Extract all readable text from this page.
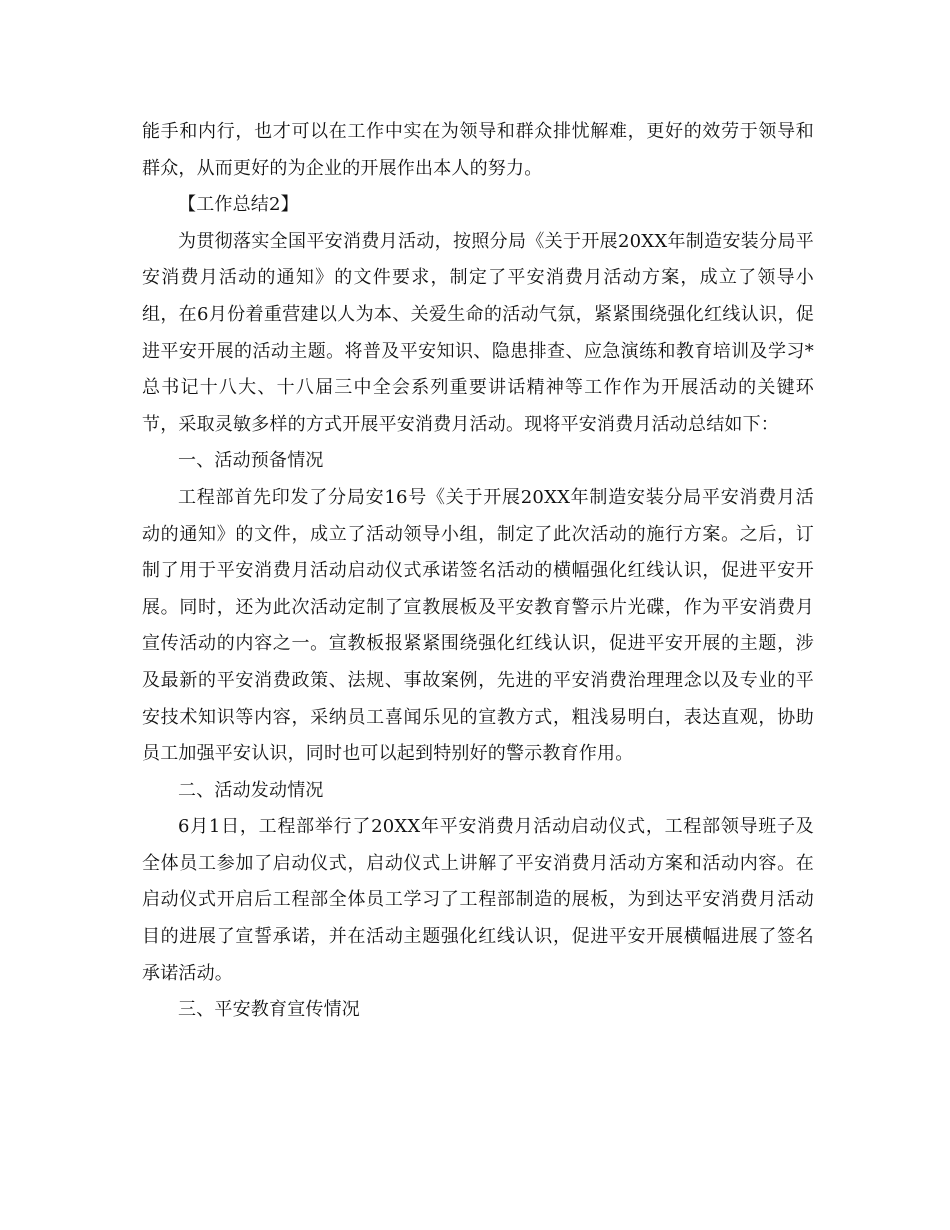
能手和内行，也才可以在工作中实在为领导和群众排忧解难，更好的效劳于领导和群众，从而更好的为企业的开展作出本人的努力。

【工作总结2】

为贯彻落实全国平安消费月活动，按照分局《关于开展20XX年制造安装分局平安消费月活动的通知》的文件要求，制定了平安消费月活动方案，成立了领导小组，在6月份着重营建以人为本、关爱生命的活动气氛，紧紧围绕强化红线认识，促进平安开展的活动主题。将普及平安知识、隐患排查、应急演练和教育培训及学习*总书记十八大、十八届三中全会系列重要讲话精神等工作作为开展活动的关键环节，采取灵敏多样的方式开展平安消费月活动。现将平安消费月活动总结如下：

一、活动预备情况

工程部首先印发了分局安16号《关于开展20XX年制造安装分局平安消费月活动的通知》的文件，成立了活动领导小组，制定了此次活动的施行方案。之后，订制了用于平安消费月活动启动仪式承诺签名活动的横幅强化红线认识，促进平安开展。同时，还为此次活动定制了宣教展板及平安教育警示片光碟，作为平安消费月宣传活动的内容之一。宣教板报紧紧围绕强化红线认识，促进平安开展的主题，涉及最新的平安消费政策、法规、事故案例，先进的平安消费治理理念以及专业的平安技术知识等内容，采纳员工喜闻乐见的宣教方式，粗浅易明白，表达直观，协助员工加强平安认识，同时也可以起到特别好的警示教育作用。

二、活动发动情况

6月1日，工程部举行了20XX年平安消费月活动启动仪式，工程部领导班子及全体员工参加了启动仪式，启动仪式上讲解了平安消费月活动方案和活动内容。在启动仪式开启后工程部全体员工学习了工程部制造的展板，为到达平安消费月活动目的进展了宣誓承诺，并在活动主题强化红线认识，促进平安开展横幅进展了签名承诺活动。

三、平安教育宣传情况
